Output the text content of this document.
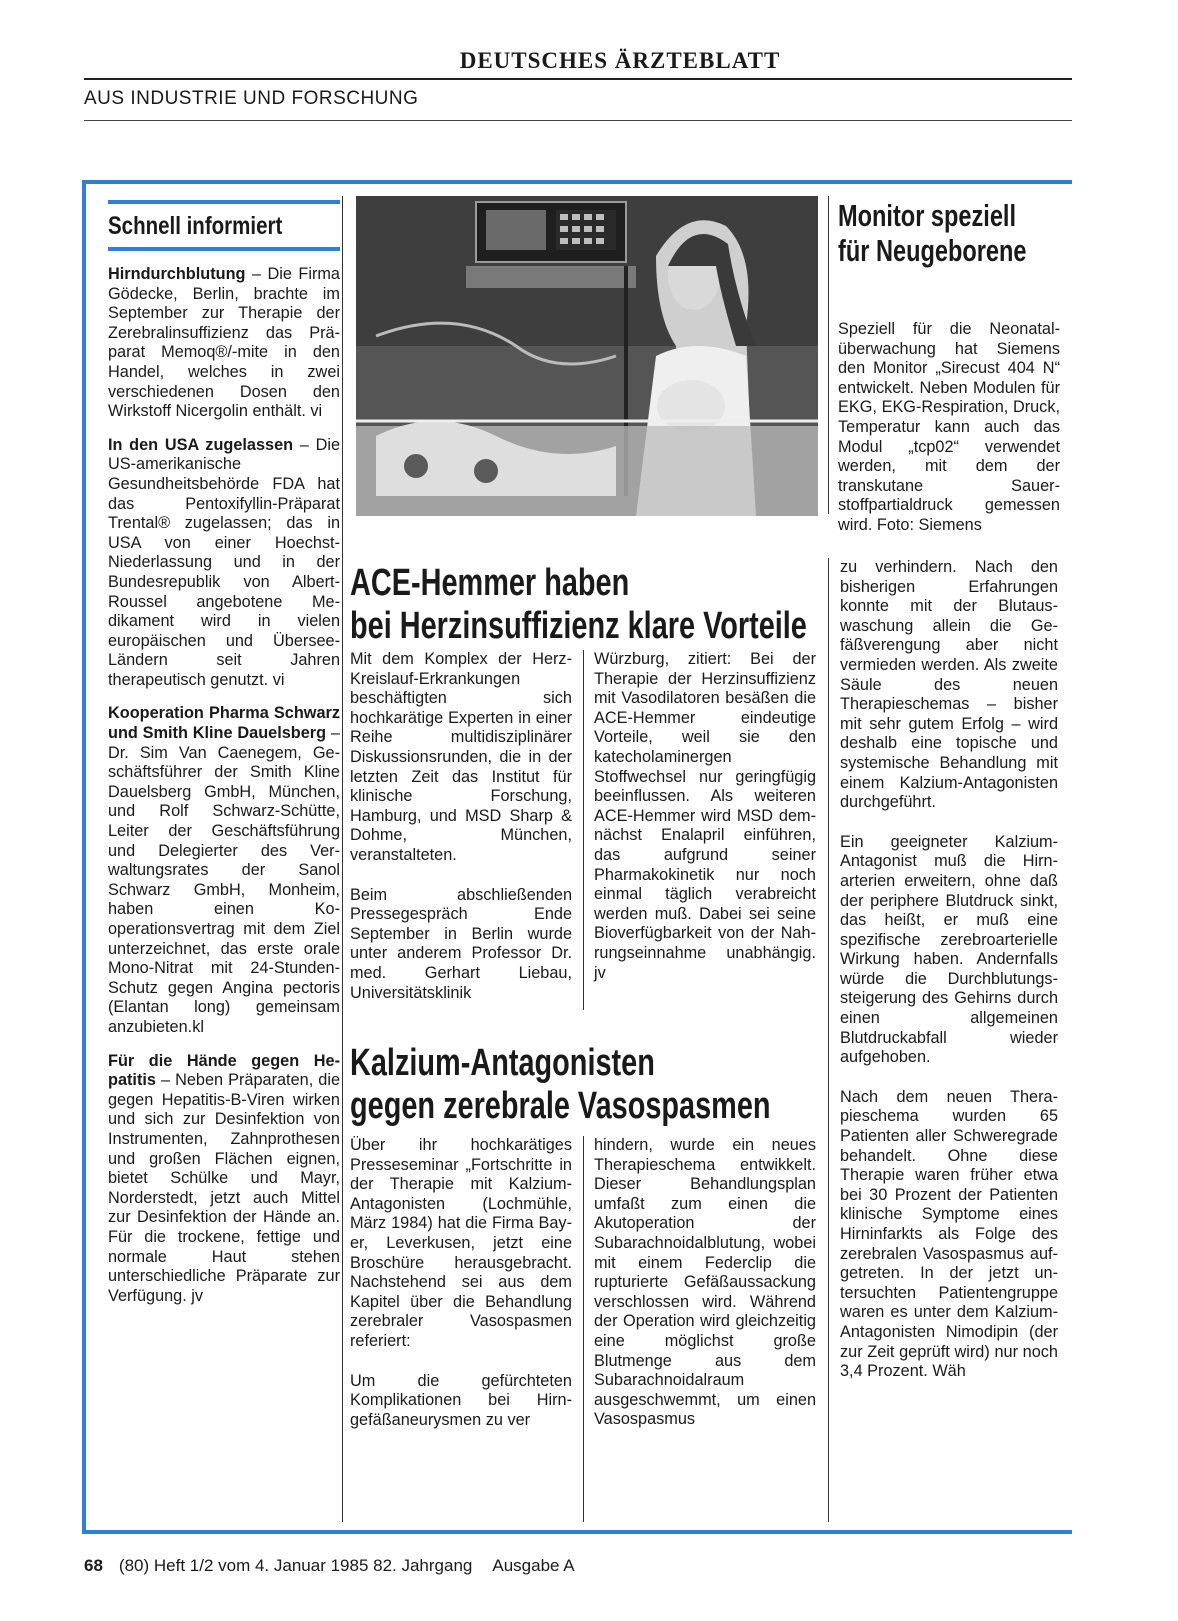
DEUTSCHES ÄRZTEBLATT
AUS INDUSTRIE UND FORSCHUNG
Schnell informiert

Hirndurchblutung – Die Firma Gödecke, Berlin, brachte im September zur Therapie der Zerebralinsuffizienz das Präparat Memoq®/-mite in den Handel, welches in zwei verschiedenen Dosen den Wirkstoff Nicergolin enthält. vi

In den USA zugelassen – Die US-amerikanische Gesundheitsbehörde FDA hat das Pentoxifyllin-Präparat Trental® zugelassen; das in USA von einer Hoechst-Niederlassung und in der Bundesrepublik von Albert-Roussel angebotene Medikament wird in vielen europäischen und Übersee-Ländern seit Jahren therapeutisch genutzt. vi

Kooperation Pharma Schwarz und Smith Kline Dauelsberg – Dr. Sim Van Caenegem, Geschäftsführer der Smith Kline Dauelsberg GmbH, München, und Rolf Schwarz-Schütte, Leiter der Geschäftsführung und Delegierter des Verwaltungsrates der Sanol Schwarz GmbH, Monheim, haben einen Kooperationsvertrag mit dem Ziel unterzeichnet, das erste orale Mono-Nitrat mit 24-Stunden-Schutz gegen Angina pectoris (Elantan long) gemeinsam anzubieten.kl

Für die Hände gegen Hepatitis – Neben Präparaten, die gegen Hepatitis-B-Viren wirken und sich zur Desinfektion von Instrumenten, Zahnprothesen und großen Flächen eignen, bietet Schülke und Mayr, Norderstedt, jetzt auch Mittel zur Desinfektion der Hände an. Für die trockene, fettige und normale Haut stehen unterschiedliche Präparate zur Verfügung. jv

Monitor speziell
für Neugeborene

Speziell für die Neonatalüberwachung hat Siemens den Monitor „Sirecust 404 N“ entwickelt. Neben Modulen für EKG, EKG-Respiration, Druck, Temperatur kann auch das Modul „tcp02“ verwendet werden, mit dem der transkutane Sauerstoffpartialdruck gemessen wird. Foto: Siemens

ACE-Hemmer haben
bei Herzinsuffizienz klare Vorteile

Mit dem Komplex der Herz-Kreislauf-Erkrankungen beschäftigten sich hochkarätige Experten in einer Reihe multidisziplinärer Diskussionsrunden, die in der letzten Zeit das Institut für klinische Forschung, Hamburg, und MSD Sharp & Dohme, München, veranstalteten.

Beim abschließenden Pressegespräch Ende September in Berlin wurde unter anderem Professor Dr. med. Gerhart Liebau, Universitätsklinik

Würzburg, zitiert: Bei der Therapie der Herzinsuffizienz mit Vasodilatoren besäßen die ACE-Hemmer eindeutige Vorteile, weil sie den katecholaminergen Stoffwechsel nur geringfügig beeinflussen. Als weiteren ACE-Hemmer wird MSD demnächst Enalapril einführen, das aufgrund seiner Pharmakokinetik nur noch einmal täglich verabreicht werden muß. Dabei sei seine Bioverfügbarkeit von der Nahrungseinnahme unabhängig. jv

Kalzium-Antagonisten
gegen zerebrale Vasospasmen

Über ihr hochkarätiges Presseseminar „Fortschritte in der Therapie mit Kalzium-Antagonisten (Lochmühle, März 1984) hat die Firma Bayer, Leverkusen, jetzt eine Broschüre herausgebracht. Nachstehend sei aus dem Kapitel über die Behandlung zerebraler Vasospasmen referiert:

Um die gefürchteten Komplikationen bei Hirngefäßaneurysmen zu ver

hindern, wurde ein neues Therapieschema entwikkelt. Dieser Behandlungsplan umfaßt zum einen die Akutoperation der Subarachnoidalblutung, wobei mit einem Federclip die rupturierte Gefäßaussackung verschlossen wird. Während der Operation wird gleichzeitig eine möglichst große Blutmenge aus dem Subarachnoidalraum ausgeschwemmt, um einen Vasospasmus

zu verhindern. Nach den bisherigen Erfahrungen konnte mit der Blutauswaschung allein die Gefäßverengung aber nicht vermieden werden. Als zweite Säule des neuen Therapieschemas – bisher mit sehr gutem Erfolg – wird deshalb eine topische und systemische Behandlung mit einem Kalzium-Antagonisten durchgeführt.

Ein geeigneter Kalzium-Antagonist muß die Hirnarterien erweitern, ohne daß der periphere Blutdruck sinkt, das heißt, er muß eine spezifische zerebroarterielle Wirkung haben. Andernfalls würde die Durchblutungssteigerung des Gehirns durch einen allgemeinen Blutdruckabfall wieder aufgehoben.

Nach dem neuen Therapieschema wurden 65 Patienten aller Schweregrade behandelt. Ohne diese Therapie waren früher etwa bei 30 Prozent der Patienten klinische Symptome eines Hirninfarkts als Folge des zerebralen Vasospasmus aufgetreten. In der jetzt untersuchten Patientengruppe waren es unter dem Kalzium-Antagonisten Nimodipin (der zur Zeit geprüft wird) nur noch 3,4 Prozent. Wäh

68 (80) Heft 1/2 vom 4. Januar 1985 82. Jahrgang Ausgabe A
